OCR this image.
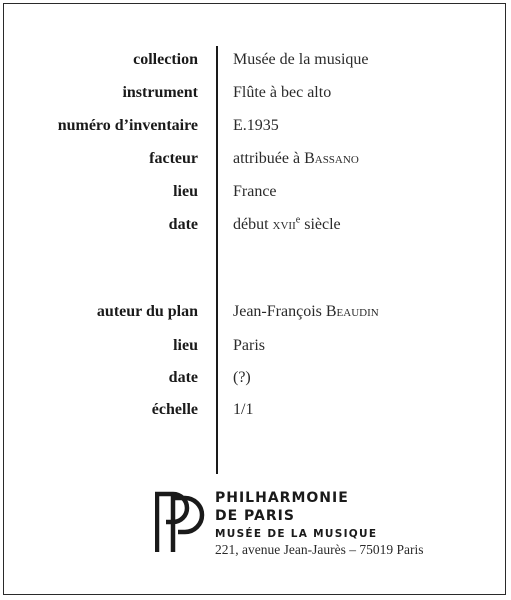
collection Musée de la musique
instrument Flûte à bec alto
numéro d’inventaire E.1935
facteur attribuée à Bassano
lieu France
date début xvii$^e$ siècle
auteur du plan Jean-François Beaudin
lieu Paris
date (?)
échelle 1/1
PHILHARMONIE
DE PARIS
MUSÉE DE LA MUSIQUE
221, avenue Jean-Jaurès – 75019 Paris
